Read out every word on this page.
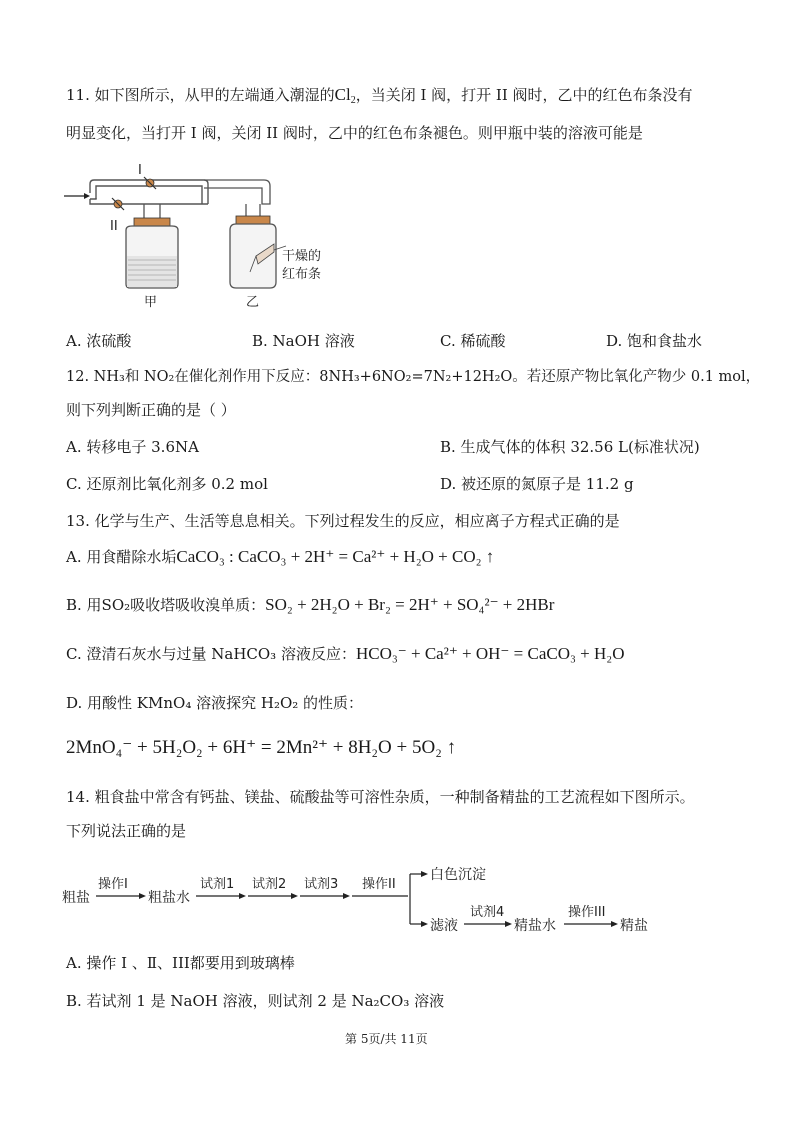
11. 如下图所示，从甲的左端通入潮湿的$Cl_2$，当关闭 I 阀，打开 II 阀时，乙中的红色布条没有
明显变化，当打开 I 阀，关闭 II 阀时，乙中的红色布条褪色。则甲瓶中装的溶液可能是
I
II
甲	乙
干燥的
红布条
A. 浓硫酸	B. NaOH 溶液	C. 稀硫酸	D. 饱和食盐水
12. NH₃和 NO₂在催化剂作用下反应：8NH₃+6NO₂=7N₂+12H₂O。若还原产物比氧化产物少 0.1 mol，
则下列判断正确的是（ ）
A. 转移电子 3.6NA	B. 生成气体的体积 32.56 L(标准状况)
C. 还原剂比氧化剂多 0.2 mol	D. 被还原的氮原子是 11.2 g
13. 化学与生产、生活等息息相关。下列过程发生的反应，相应离子方程式正确的是
A. 用食醋除水垢CaCO₃ : CaCO₃ + 2H⁺ = Ca²⁺ + H₂O + CO₂ ↑
B. 用SO₂吸收塔吸收溴单质：SO₂ + 2H₂O + Br₂ = 2H⁺ + SO₄²⁻ + 2HBr
C. 澄清石灰水与过量 NaHCO₃ 溶液反应：HCO₃⁻ + Ca²⁺ + OH⁻ = CaCO₃ + H₂O
D. 用酸性 KMnO₄ 溶液探究 H₂O₂ 的性质：
2MnO₄⁻ + 5H₂O₂ + 6H⁺ = 2Mn²⁺ + 8H₂O + 5O₂ ↑
14. 粗食盐中常含有钙盐、镁盐、硫酸盐等可溶性杂质，一种制备精盐的工艺流程如下图所示。
下列说法正确的是
粗盐
操作I
粗盐水
试剂1 试剂2 试剂3 操作II
白色沉淀
滤液
试剂4
精盐水
操作III
精盐
A. 操作 Ⅰ 、Ⅱ、III都要用到玻璃棒
B. 若试剂 1 是 NaOH 溶液，则试剂 2 是 Na₂CO₃ 溶液
第 5页/共 11页
